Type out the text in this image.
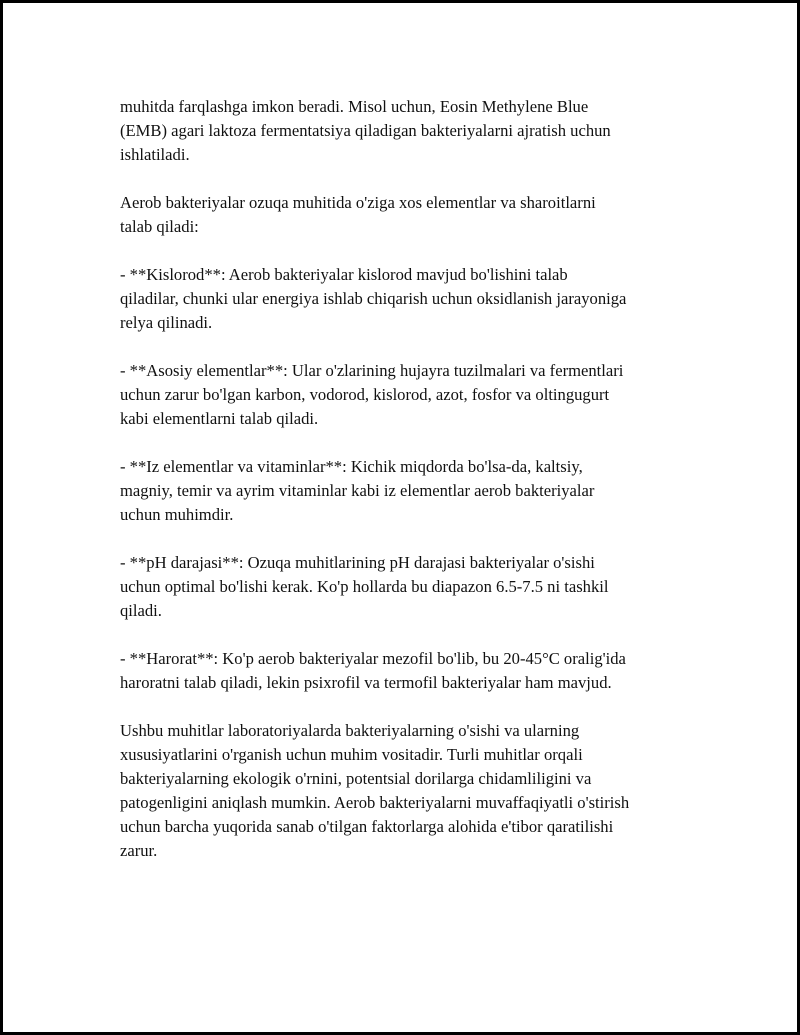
muhitda farqlashga imkon beradi. Misol uchun, Eosin Methylene Blue
(EMB) agari laktoza fermentatsiya qiladigan bakteriyalarni ajratish uchun
ishlatiladi.

Aerob bakteriyalar ozuqa muhitida o'ziga xos elementlar va sharoitlarni
talab qiladi:

- **Kislorod**: Aerob bakteriyalar kislorod mavjud bo'lishini talab
qiladilar, chunki ular energiya ishlab chiqarish uchun oksidlanish jarayoniga
relya qilinadi.

- **Asosiy elementlar**: Ular o'zlarining hujayra tuzilmalari va fermentlari
uchun zarur bo'lgan karbon, vodorod, kislorod, azot, fosfor va oltingugurt
kabi elementlarni talab qiladi.

- **Iz elementlar va vitaminlar**: Kichik miqdorda bo'lsa-da, kaltsiy,
magniy, temir va ayrim vitaminlar kabi iz elementlar aerob bakteriyalar
uchun muhimdir.

- **pH darajasi**: Ozuqa muhitlarining pH darajasi bakteriyalar o'sishi
uchun optimal bo'lishi kerak. Ko'p hollarda bu diapazon 6.5-7.5 ni tashkil
qiladi.

- **Harorat**: Ko'p aerob bakteriyalar mezofil bo'lib, bu 20-45°C oralig'ida
haroratni talab qiladi, lekin psixrofil va termofil bakteriyalar ham mavjud.

Ushbu muhitlar laboratoriyalarda bakteriyalarning o'sishi va ularning
xususiyatlarini o'rganish uchun muhim vositadir. Turli muhitlar orqali
bakteriyalarning ekologik o'rnini, potentsial dorilarga chidamliligini va
patogenligini aniqlash mumkin. Aerob bakteriyalarni muvaffaqiyatli o'stirish
uchun barcha yuqorida sanab o'tilgan faktorlarga alohida e'tibor qaratilishi
zarur.
